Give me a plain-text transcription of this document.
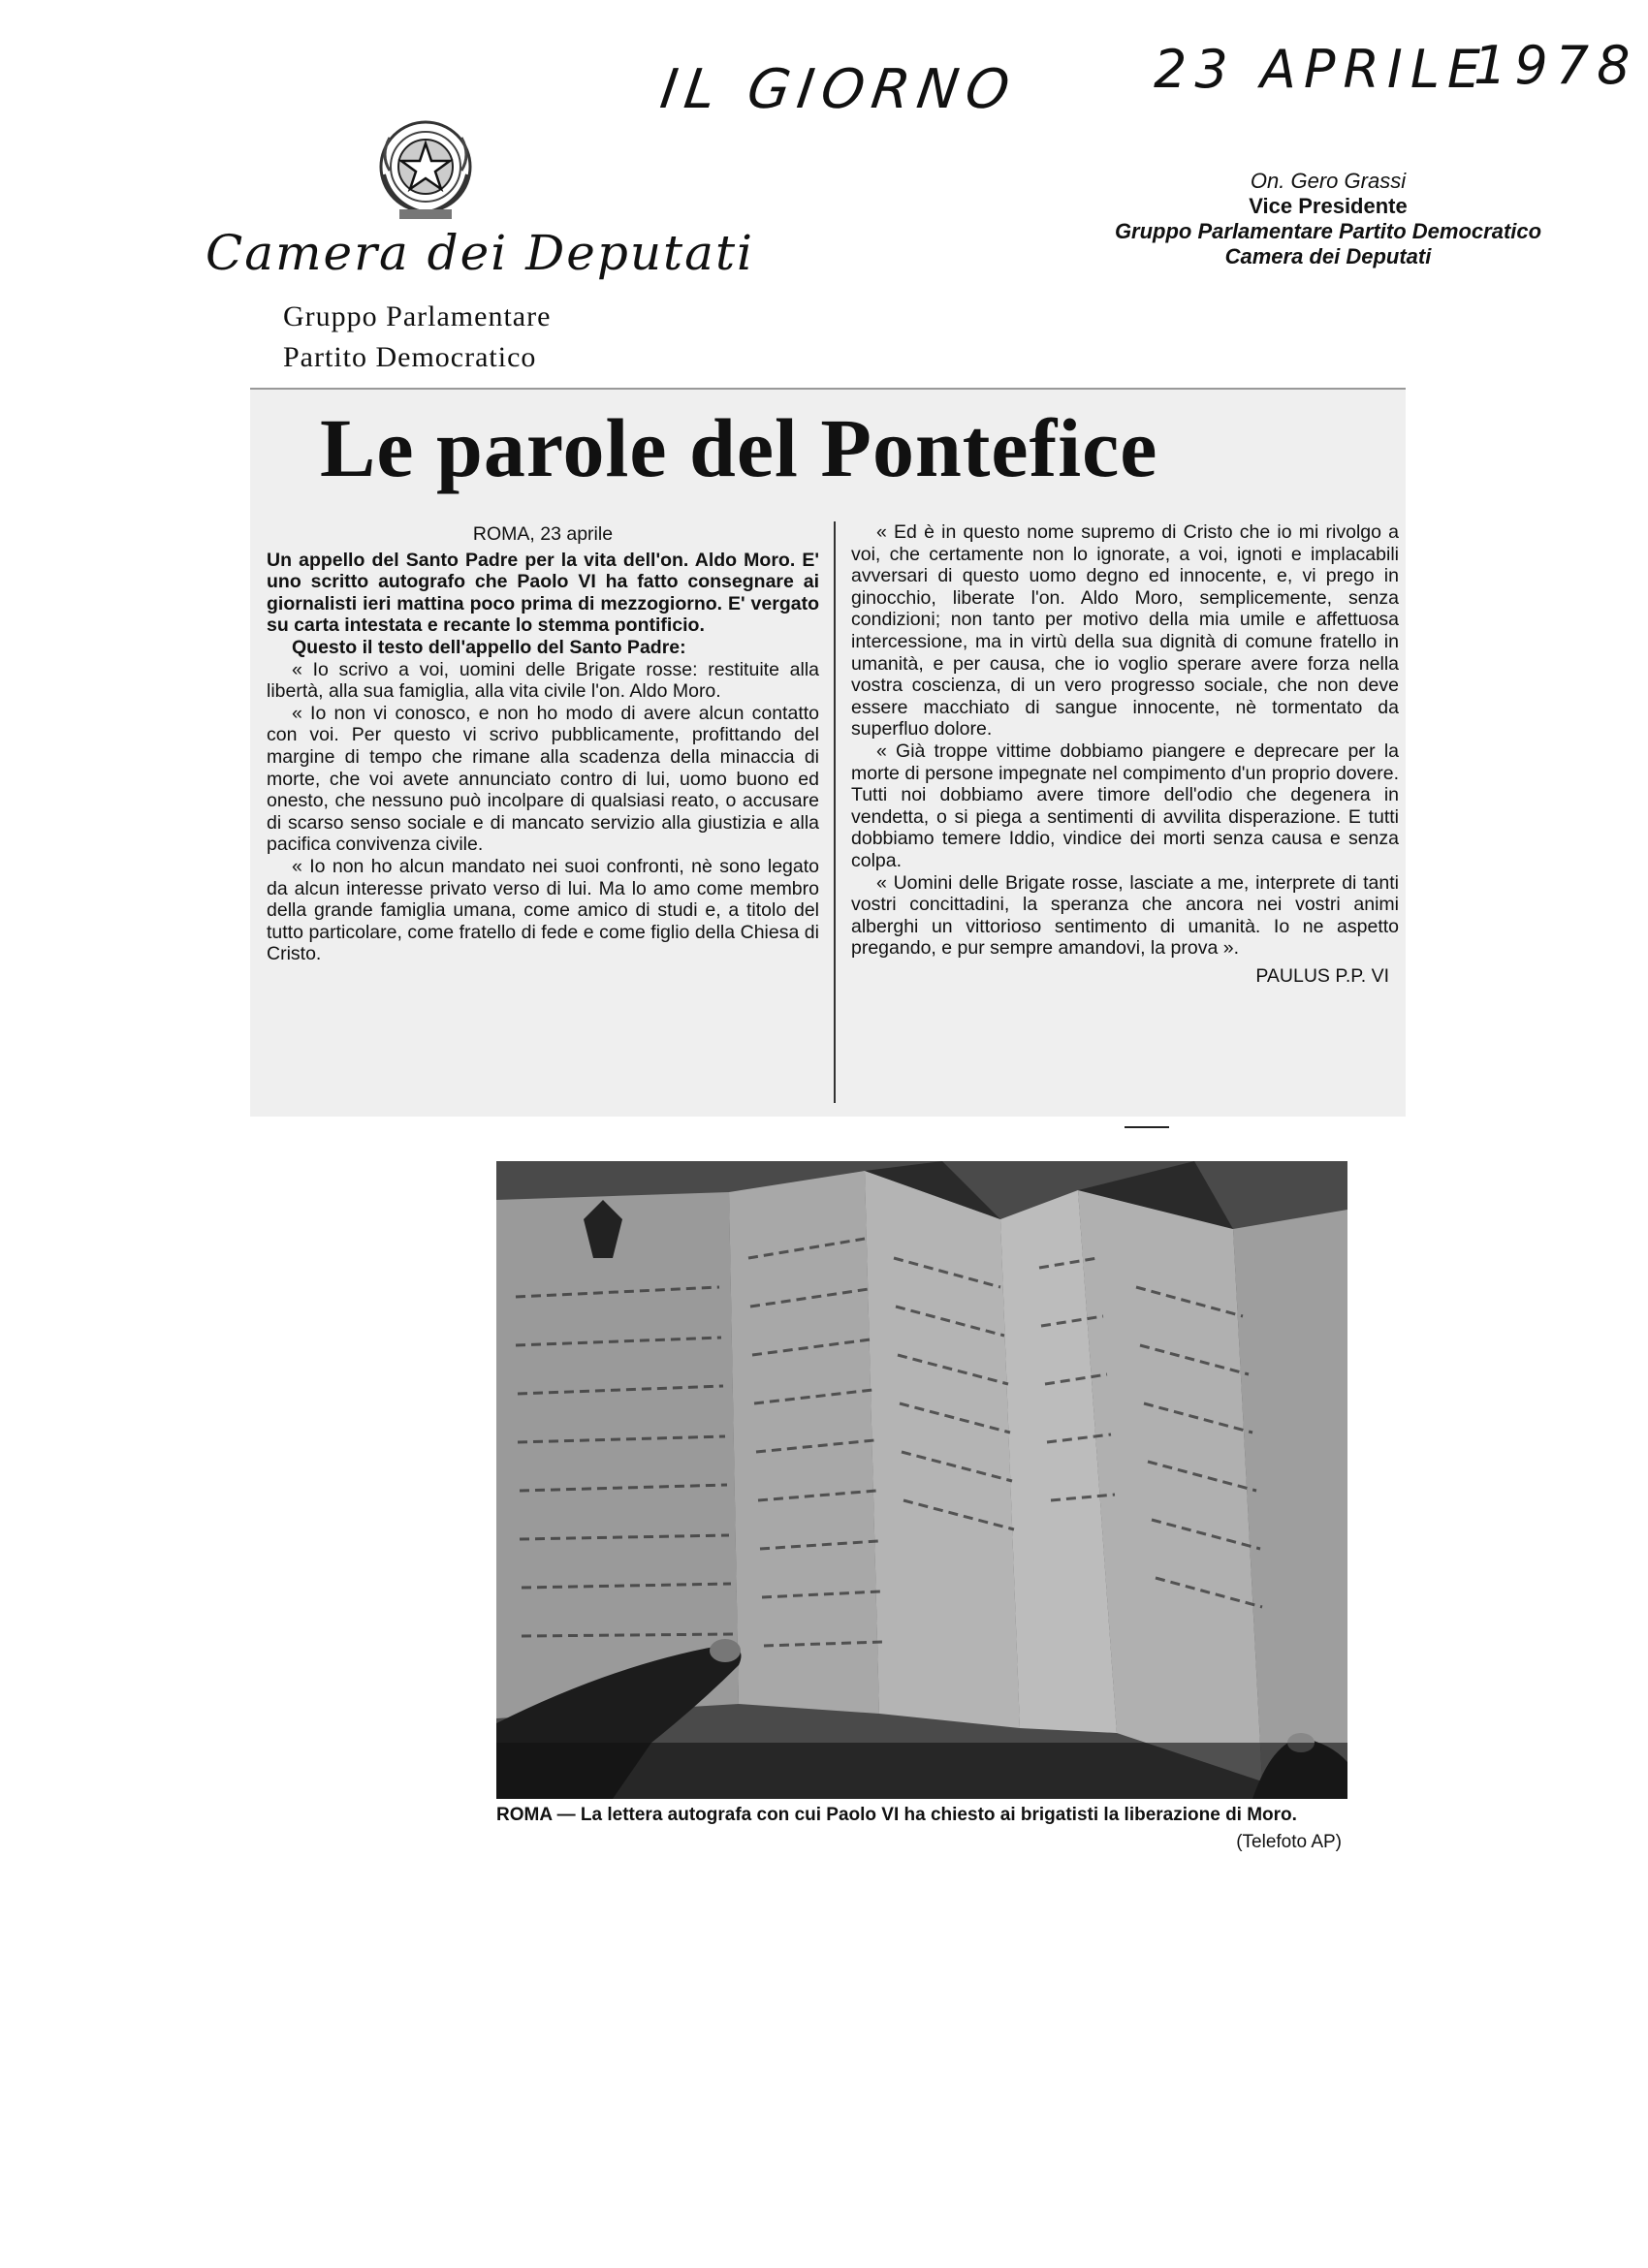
IL GIORNO	23 APRILE
1978
Camera dei Deputati
Gruppo Parlamentare
Partito Democratico
On. Gero Grassi
Vice Presidente
Gruppo Parlamentare Partito Democratico
Camera dei Deputati
Le parole del Pontefice
ROMA, 23 aprile

Un appello del Santo Padre per la vita dell'on. Aldo Moro. E' uno scritto autografo che Paolo VI ha fatto consegnare ai giornalisti ieri mattina poco prima di mezzogiorno. E' vergato su carta intestata e recante lo stemma pontificio.

Questo il testo dell'appello del Santo Padre:

« Io scrivo a voi, uomini delle Brigate rosse: restituite alla libertà, alla sua famiglia, alla vita civile l'on. Aldo Moro.

« Io non vi conosco, e non ho modo di avere alcun contatto con voi. Per questo vi scrivo pubblicamente, profittando del margine di tempo che rimane alla scadenza della minaccia di morte, che voi avete annunciato contro di lui, uomo buono ed onesto, che nessuno può incolpare di qualsiasi reato, o accusare di scarso senso sociale e di mancato servizio alla giustizia e alla pacifica convivenza civile.

« Io non ho alcun mandato nei suoi confronti, nè sono legato da alcun interesse privato verso di lui. Ma lo amo come membro della grande famiglia umana, come amico di studi e, a titolo del tutto particolare, come fratello di fede e come figlio della Chiesa di Cristo.

« Ed è in questo nome supremo di Cristo che io mi rivolgo a voi, che certamente non lo ignorate, a voi, ignoti e implacabili avversari di questo uomo degno ed innocente, e, vi prego in ginocchio, liberate l'on. Aldo Moro, semplicemente, senza condizioni; non tanto per motivo della mia umile e affettuosa intercessione, ma in virtù della sua dignità di comune fratello in umanità, e per causa, che io voglio sperare avere forza nella vostra coscienza, di un vero progresso sociale, che non deve essere macchiato di sangue innocente, nè tormentato da superfluo dolore.

« Già troppe vittime dobbiamo piangere e deprecare per la morte di persone impegnate nel compimento d'un proprio dovere. Tutti noi dobbiamo avere timore dell'odio che degenera in vendetta, o si piega a sentimenti di avvilita disperazione. E tutti dobbiamo temere Iddio, vindice dei morti senza causa e senza colpa.

« Uomini delle Brigate rosse, lasciate a me, interprete di tanti vostri concittadini, la speranza che ancora nei vostri animi alberghi un vittorioso sentimento di umanità. Io ne aspetto pregando, e pur sempre amandovi, la prova ».

PAULUS P.P. VI
ROMA — La lettera autografa con cui Paolo VI ha chiesto ai brigatisti la liberazione di Moro.
(Telefoto AP)
